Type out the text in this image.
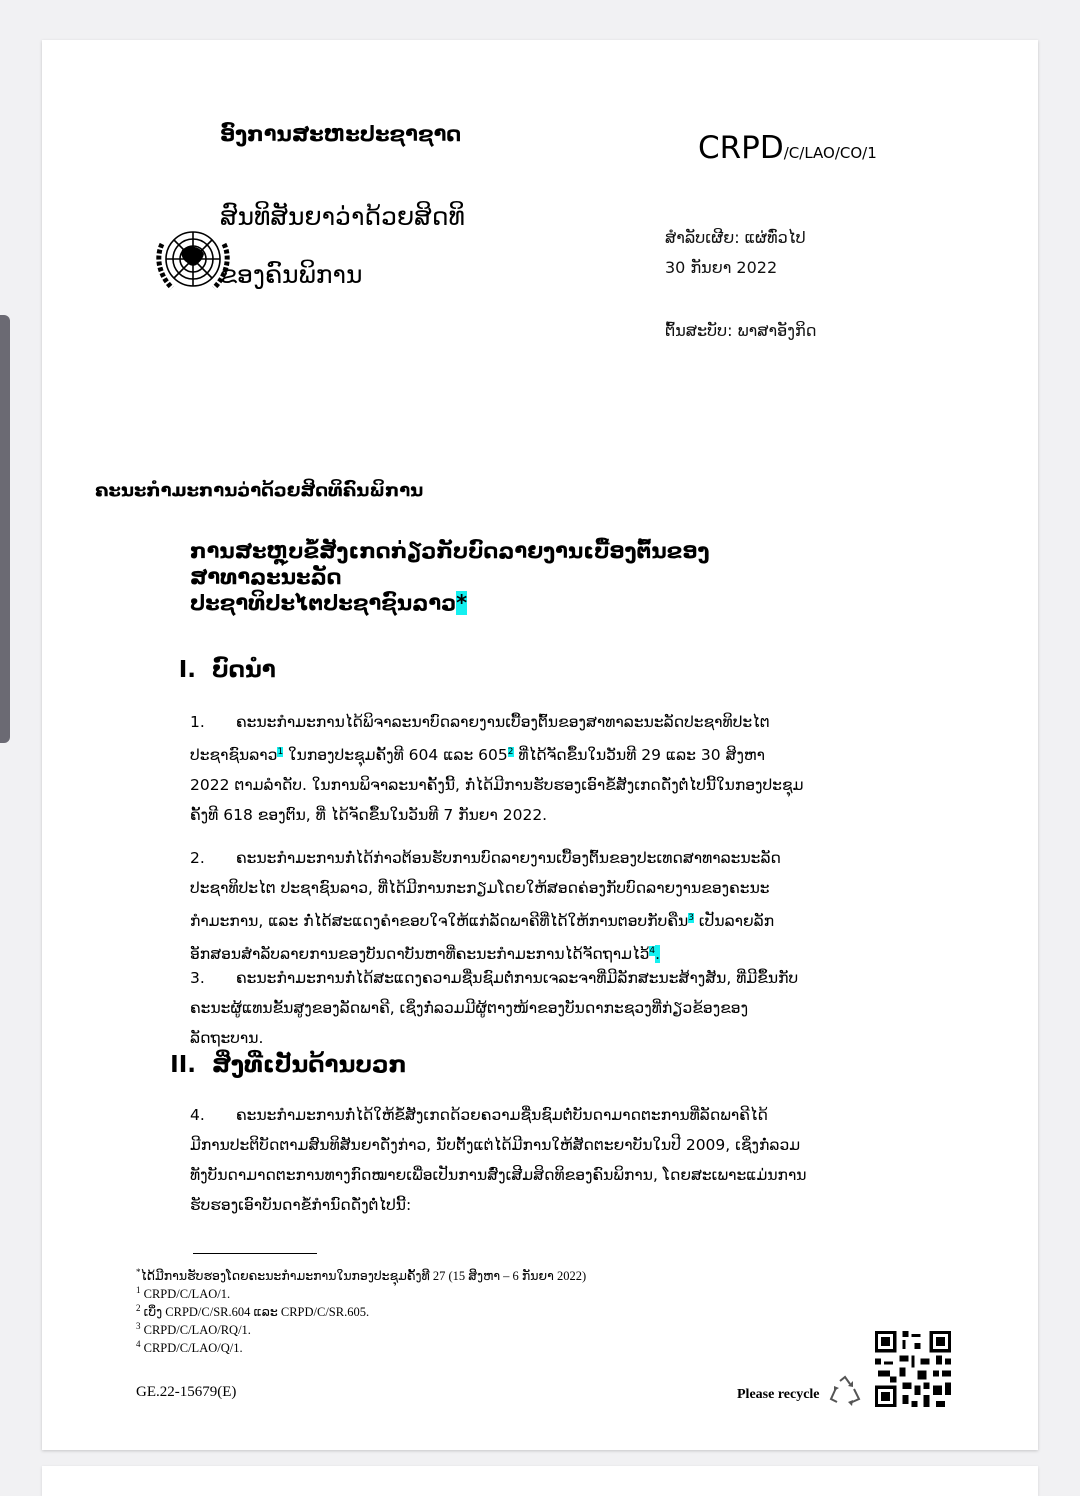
ອົງການສະຫະປະຊາຊາດ
ສົນທິສັນຍາວ່າດ້ວຍສິດທິ
ຂອງຄົນພິການ
CRPD/C/LAO/CO/1
ສຳລັບເຜີຍ: ແຜ່ທົ່ວໄປ
30 ກັນຍາ 2022
ຕົ້ນສະບັບ: ພາສາອັງກິດ
ຄະນະກຳມະການວ່າດ້ວຍສິດທິຄົນພິການ
ການສະຫຼຸບຂໍ້ສັງເກດກ່ຽວກັບບົດລາຍງານເບື້ອງຕົ້ນຂອງສາທາລະນະລັດ
ປະຊາທິປະໄຕປະຊາຊົນລາວ*
I. ບົດນຳ
1. ຄະນະກຳມະການໄດ້ພິຈາລະນາບົດລາຍງານເບື້ອງຕົ້ນຂອງສາທາລະນະລັດປະຊາທິປະໄຕປະຊາຊົນລາວ$^1$ ໃນກອງປະຊຸມຄັ້ງທີ 604 ແລະ $605^2$ ທີ່ໄດ້ຈັດຂຶ້ນໃນວັນທີ 29 ແລະ 30 ສິງຫາ 2022 ຕາມລຳດັບ. ໃນການພິຈາລະນາຄັ້ງນີ້, ກໍ່ໄດ້ມີການຮັບຮອງເອົາຂໍ້ສັງເກດດັ່ງຕໍ່ໄປນີ້ໃນກອງປະຊຸມຄັ້ງທີ 618 ຂອງຕົນ, ທີ່ ໄດ້ຈັດຂຶ້ນໃນວັນທີ 7 ກັນຍາ 2022.
2. ຄະນະກຳມະການກໍ່ໄດ້ກ່າວຕ້ອນຮັບການບົດລາຍງານເບື້ອງຕົ້ນຂອງປະເທດສາທາລະນະລັດ ປະຊາທິປະໄຕ ປະຊາຊົນລາວ, ທີ່ໄດ້ມີການກະກຽມໂດຍໃຫ້ສອດຄ່ອງກັບບົດລາຍງານຂອງຄະນະກຳມະການ, ແລະ ກໍ່ໄດ້ສະແດງຄຳຂອບໃຈໃຫ້ແກ່ລັດພາຄີທີ່ໄດ້ໃຫ້ການຕອບກັບຄືນ$^3$ ເປັນລາຍລັກອັກສອນສຳລັບລາຍການຂອງບັນດາບັນຫາທີ່ຄະນະກຳມະການໄດ້ຈັດຖາມໄວ້$^4$.
3. ຄະນະກຳມະການກໍ່ໄດ້ສະແດງຄວາມຊື່ນຊົມຕໍ່ການເຈລະຈາທີ່ມີລັກສະນະສ້າງສັນ, ທີ່ມີຂຶ້ນກັບຄະນະຜູ້ແທນຂັ້ນສູງຂອງລັດພາຄີ, ເຊິ່ງກໍ່ລວມມີຜູ້ຕາງໜ້າຂອງບັນດາກະຊວງທີ່ກ່ຽວຂ້ອງຂອງລັດຖະບານ.
II. ສິ່ງທີ່ເປັນດ້ານບວກ
4. ຄະນະກຳມະການກໍ່ໄດ້ໃຫ້ຂໍ້ສັງເກດດ້ວຍຄວາມຊື່ນຊົມຕໍ່ບັນດາມາດຕະການທີ່ລັດພາຄີໄດ້ມີການປະຕິບັດຕາມສົນທິສັນຍາດັ່ງກ່າວ, ນັບຕັ້ງແຕ່ໄດ້ມີການໃຫ້ສັດຕະຍາບັນໃນປີ 2009, ເຊິ່ງກໍ່ລວມທັງບັນດາມາດຕະການທາງກົດໝາຍເພື່ອເປັນການສົ່ງເສີມສິດທິຂອງຄົນພິການ, ໂດຍສະເພາະແມ່ນການຮັບຮອງເອົາບັນດາຂໍ້ກຳນົດດັ່ງຕໍ່ໄປນີ້:
*ໄດ້ມີການຮັບຮອງໂດຍຄະນະກຳມະການໃນກອງປະຊຸມຄັ້ງທີ 27 (15 ສິງຫາ – 6 ກັນຍາ 2022)
$^1$ CRPD/C/LAO/1.
$^2$ ເບິ່ງ CRPD/C/SR.604 ແລະ CRPD/C/SR.605.
$^3$ CRPD/C/LAO/RQ/1.
$^4$ CRPD/C/LAO/Q/1.
GE.22-15679(E)	Please recycle
